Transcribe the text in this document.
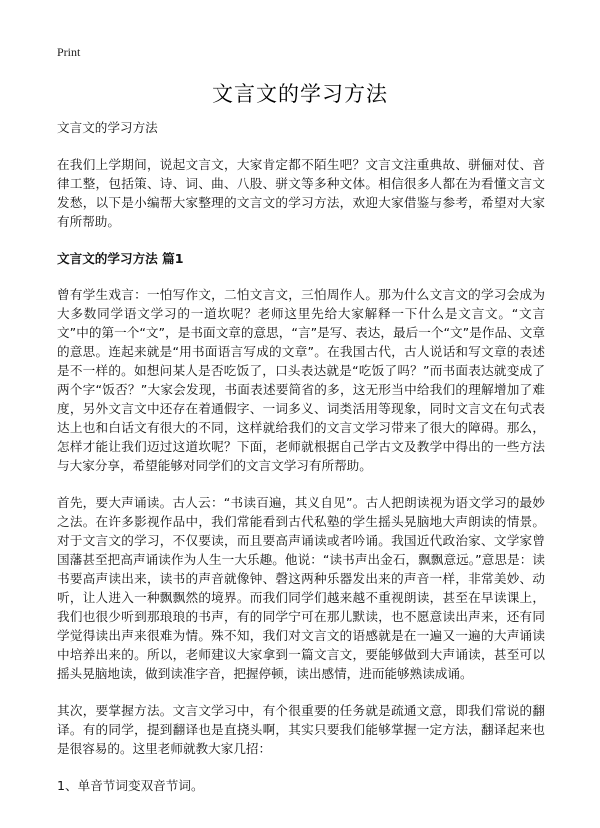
Print
文言文的学习方法

文言文的学习方法

在我们上学期间，说起文言文，大家肯定都不陌生吧？文言文注重典故、骈俪对仗、音律工整，包括策、诗、词、曲、八股、骈文等多种文体。相信很多人都在为看懂文言文发愁，以下是小编帮大家整理的文言文的学习方法，欢迎大家借鉴与参考，希望对大家有所帮助。

文言文的学习方法 篇1

曾有学生戏言：一怕写作文，二怕文言文，三怕周作人。那为什么文言文的学习会成为大多数同学语文学习的一道坎呢？老师这里先给大家解释一下什么是文言文。“文言文”中的第一个“文”，是书面文章的意思，“言”是写、表达，最后一个“文”是作品、文章的意思。连起来就是“用书面语言写成的文章”。在我国古代，古人说话和写文章的表述是不一样的。如想问某人是否吃饭了，口头表达就是“吃饭了吗？”而书面表达就变成了两个字“饭否？”大家会发现，书面表述要简省的多，这无形当中给我们的理解增加了难度，另外文言文中还存在着通假字、一词多义、词类活用等现象，同时文言文在句式表达上也和白话文有很大的不同，这样就给我们的文言文学习带来了很大的障碍。那么，怎样才能让我们迈过这道坎呢？下面，老师就根据自己学古文及教学中得出的一些方法与大家分享，希望能够对同学们的文言文学习有所帮助。

首先，要大声诵读。古人云：“书读百遍，其义自见”。古人把朗读视为语文学习的最妙之法。在许多影视作品中，我们常能看到古代私塾的学生摇头晃脑地大声朗读的情景。对于文言文的学习，不仅要读，而且要高声诵读或者吟诵。我国近代政治家、文学家曾国藩甚至把高声诵读作为人生一大乐趣。他说：“读书声出金石，飘飘意远。”意思是：读书要高声读出来，读书的声音就像钟、磬这两种乐器发出来的声音一样，非常美妙、动听，让人进入一种飘飘然的境界。而我们同学们越来越不重视朗读，甚至在早读课上，我们也很少听到那琅琅的书声，有的同学宁可在那儿默读，也不愿意读出声来，还有同学觉得读出声来很难为情。殊不知，我们对文言文的语感就是在一遍又一遍的大声诵读中培养出来的。所以，老师建议大家拿到一篇文言文，要能够做到大声诵读，甚至可以摇头晃脑地读，做到读准字音，把握停顿，读出感情，进而能够熟读成诵。

其次，要掌握方法。文言文学习中，有个很重要的任务就是疏通文意，即我们常说的翻译。有的同学，提到翻译也是直挠头啊，其实只要我们能够掌握一定方法，翻译起来也是很容易的。这里老师就教大家几招：

1、单音节词变双音节词。
